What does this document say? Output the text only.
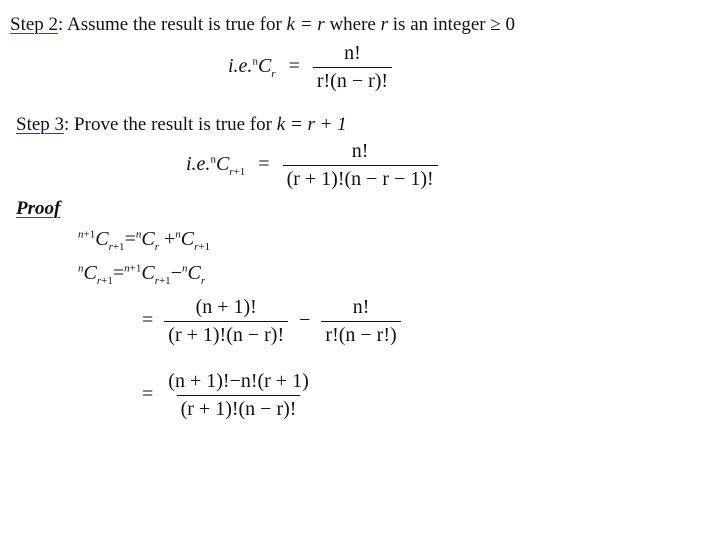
Step 2: Assume the result is true for k = r where r is an integer ≥ 0
$i.e.^nC_r = \frac{n!}{r!(n - r)!}$
Step 3: Prove the result is true for k = r + 1
$i.e.^nC_{r+1} = \frac{n!}{(r + 1)!(n - r - 1)!}$
Proof
$^{n+1}C_{r+1}=^nC_r +^nC_{r+1}$
$^nC_{r+1}=^{n+1}C_{r+1}-^nC_r$
= $\frac{(n + 1)!}{(r + 1)!(n - r)!} - \frac{n!}{r!(n - r!)}$
= $\frac{(n + 1)!-n!(r + 1)}{(r + 1)!(n - r)!}$
